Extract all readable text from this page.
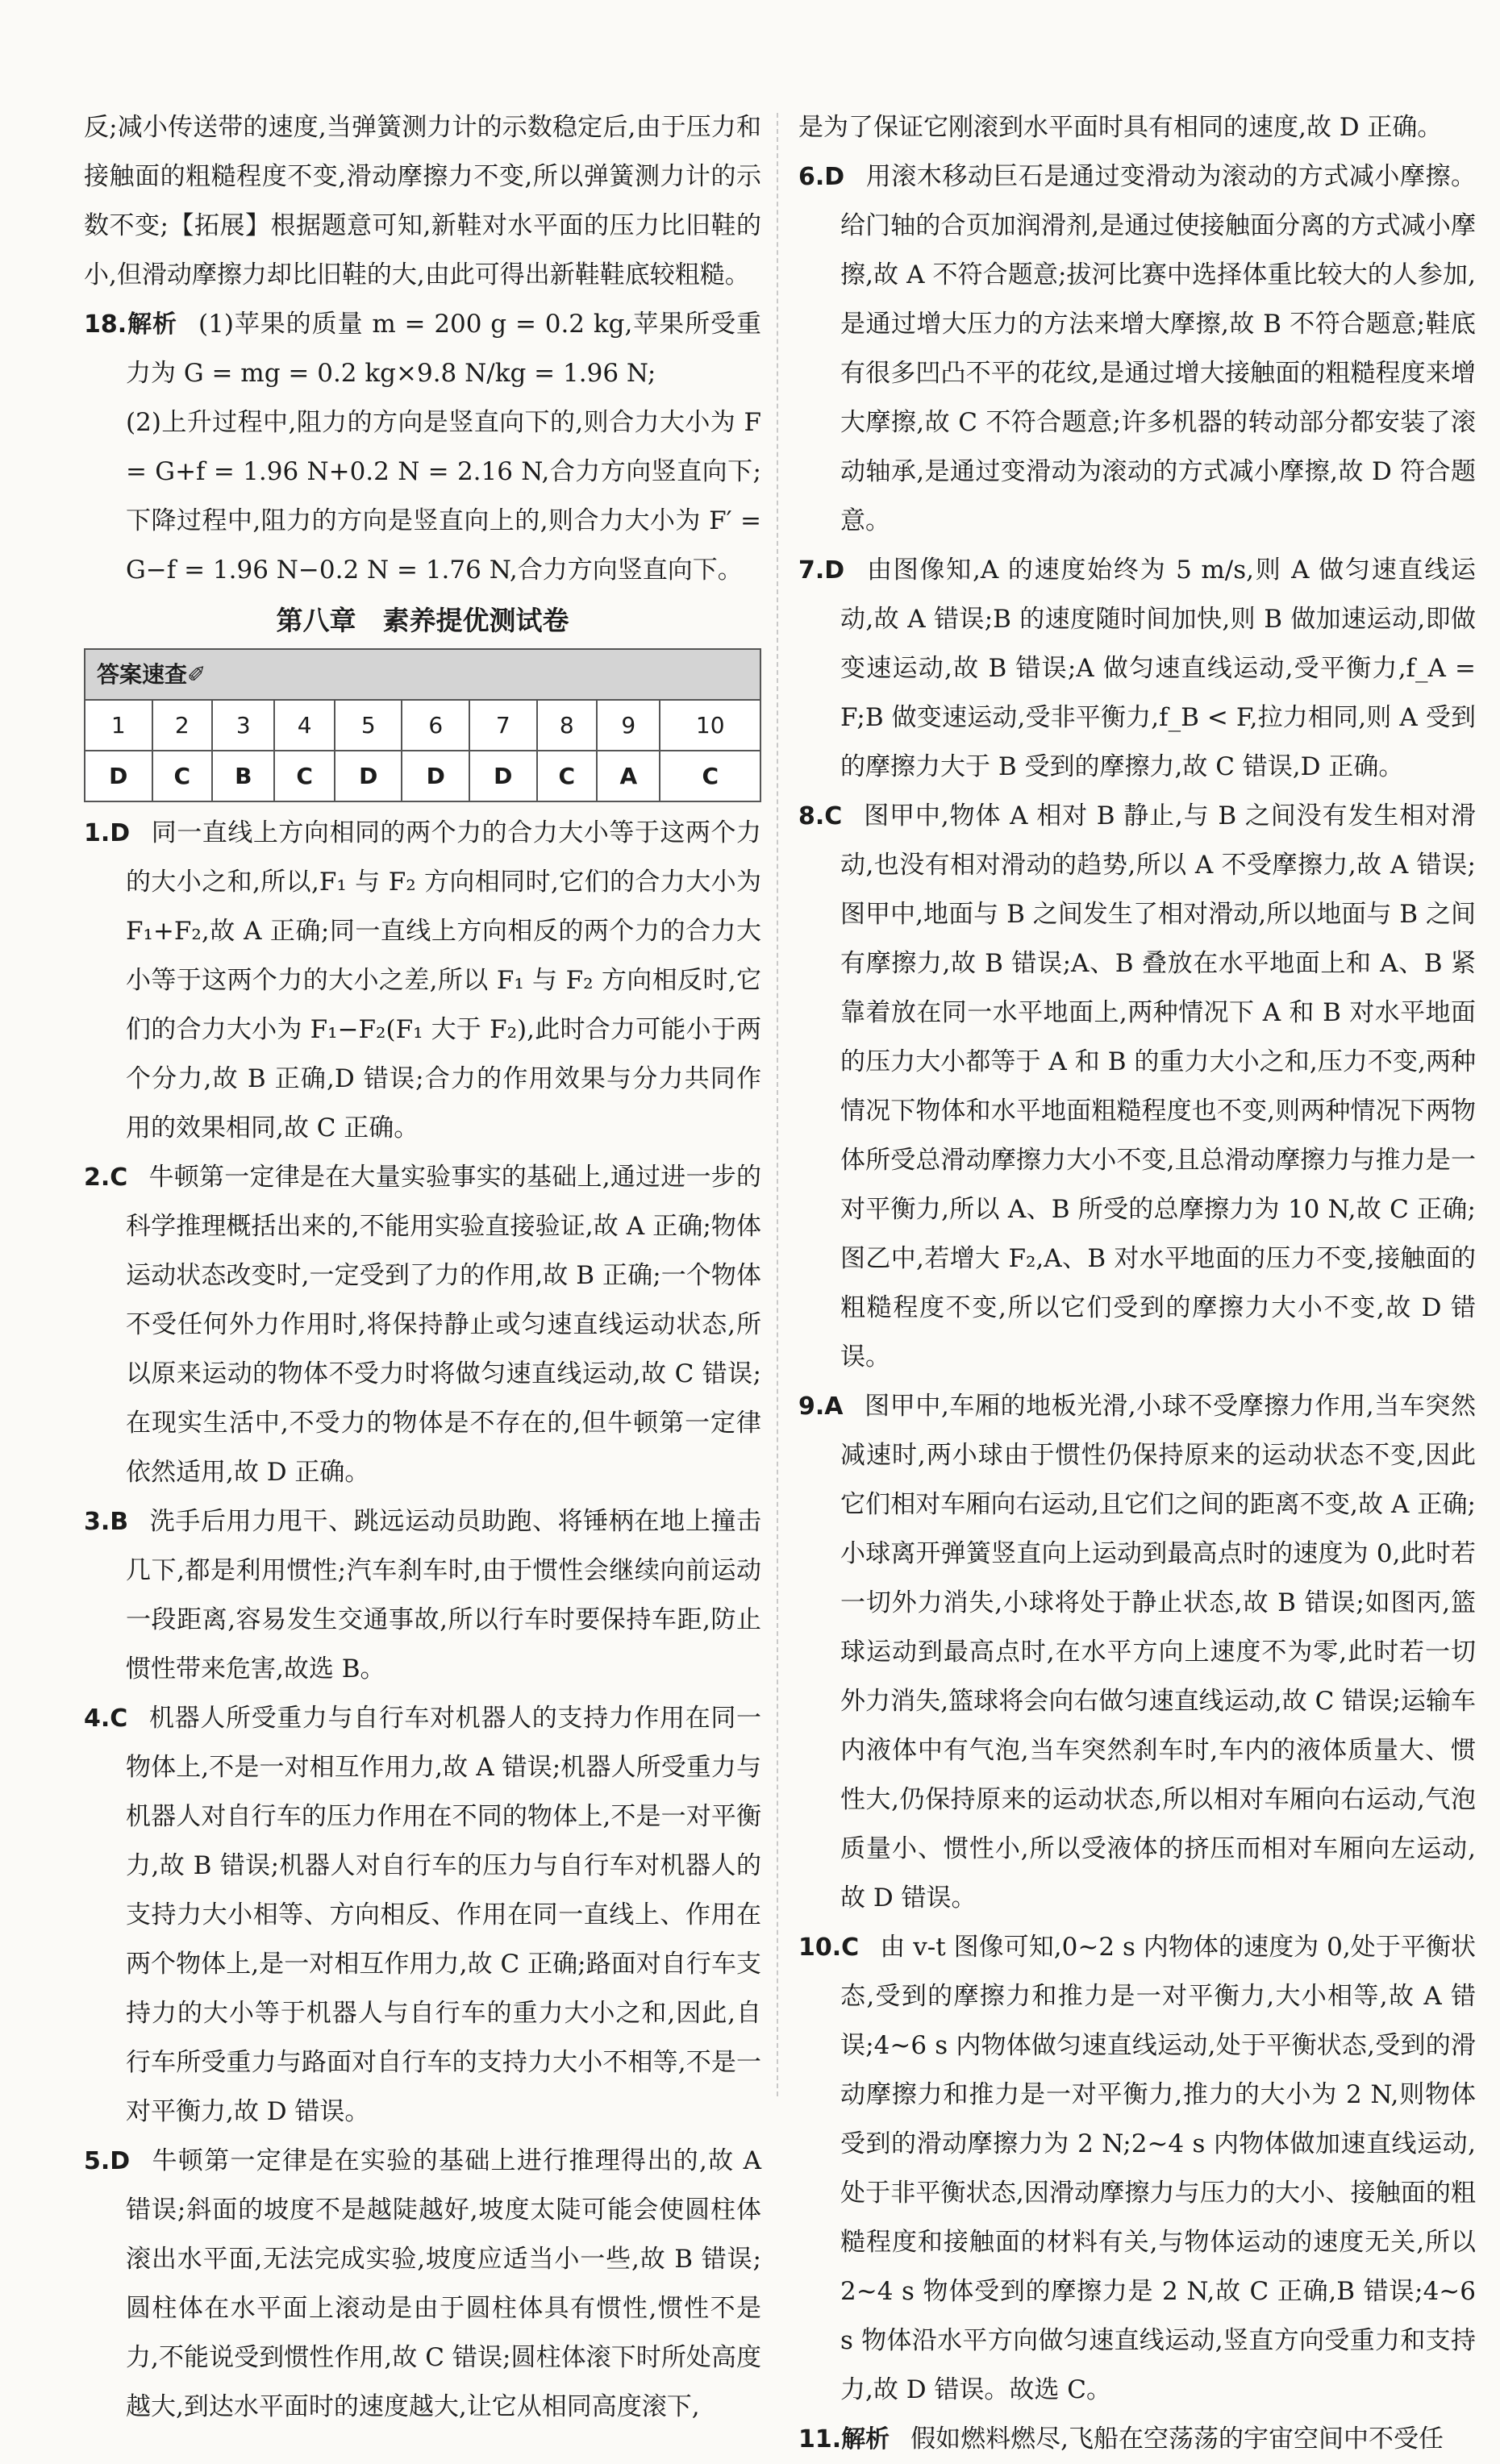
反;减小传送带的速度,当弹簧测力计的示数稳定后,由于压力和接触面的粗糙程度不变,滑动摩擦力不变,所以弹簧测力计的示数不变;【拓展】根据题意可知,新鞋对水平面的压力比旧鞋的小,但滑动摩擦力却比旧鞋的大,由此可得出新鞋鞋底较粗糙。

18.解析 (1)苹果的质量 m = 200 g = 0.2 kg,苹果所受重力为 G = mg = 0.2 kg×9.8 N/kg = 1.96 N;
(2)上升过程中,阻力的方向是竖直向下的,则合力大小为 F = G+f = 1.96 N+0.2 N = 2.16 N,合力方向竖直向下;下降过程中,阻力的方向是竖直向上的,则合力大小为 F′ = G−f = 1.96 N−0.2 N = 1.76 N,合力方向竖直向下。

第八章　素养提优测试卷
答案速查✐									
1	2	3	4	5	6	7	8	9	10
D	C	B	C	D	D	D	C	A	C

1.D 同一直线上方向相同的两个力的合力大小等于这两个力的大小之和,所以,F₁ 与 F₂ 方向相同时,它们的合力大小为 F₁+F₂,故 A 正确;同一直线上方向相反的两个力的合力大小等于这两个力的大小之差,所以 F₁ 与 F₂ 方向相反时,它们的合力大小为 F₁−F₂(F₁ 大于 F₂),此时合力可能小于两个分力,故 B 正确,D 错误;合力的作用效果与分力共同作用的效果相同,故 C 正确。

2.C 牛顿第一定律是在大量实验事实的基础上,通过进一步的科学推理概括出来的,不能用实验直接验证,故 A 正确;物体运动状态改变时,一定受到了力的作用,故 B 正确;一个物体不受任何外力作用时,将保持静止或匀速直线运动状态,所以原来运动的物体不受力时将做匀速直线运动,故 C 错误;在现实生活中,不受力的物体是不存在的,但牛顿第一定律依然适用,故 D 正确。

3.B 洗手后用力甩干、跳远运动员助跑、将锤柄在地上撞击几下,都是利用惯性;汽车刹车时,由于惯性会继续向前运动一段距离,容易发生交通事故,所以行车时要保持车距,防止惯性带来危害,故选 B。

4.C 机器人所受重力与自行车对机器人的支持力作用在同一物体上,不是一对相互作用力,故 A 错误;机器人所受重力与机器人对自行车的压力作用在不同的物体上,不是一对平衡力,故 B 错误;机器人对自行车的压力与自行车对机器人的支持力大小相等、方向相反、作用在同一直线上、作用在两个物体上,是一对相互作用力,故 C 正确;路面对自行车支持力的大小等于机器人与自行车的重力大小之和,因此,自行车所受重力与路面对自行车的支持力大小不相等,不是一对平衡力,故 D 错误。

5.D 牛顿第一定律是在实验的基础上进行推理得出的,故 A 错误;斜面的坡度不是越陡越好,坡度太陡可能会使圆柱体滚出水平面,无法完成实验,坡度应适当小一些,故 B 错误;圆柱体在水平面上滚动是由于圆柱体具有惯性,惯性不是力,不能说受到惯性作用,故 C 错误;圆柱体滚下时所处高度越大,到达水平面时的速度越大,让它从相同高度滚下,

是为了保证它刚滚到水平面时具有相同的速度,故 D 正确。

6.D 用滚木移动巨石是通过变滑动为滚动的方式减小摩擦。给门轴的合页加润滑剂,是通过使接触面分离的方式减小摩擦,故 A 不符合题意;拔河比赛中选择体重比较大的人参加,是通过增大压力的方法来增大摩擦,故 B 不符合题意;鞋底有很多凹凸不平的花纹,是通过增大接触面的粗糙程度来增大摩擦,故 C 不符合题意;许多机器的转动部分都安装了滚动轴承,是通过变滑动为滚动的方式减小摩擦,故 D 符合题意。

7.D 由图像知,A 的速度始终为 5 m/s,则 A 做匀速直线运动,故 A 错误;B 的速度随时间加快,则 B 做加速运动,即做变速运动,故 B 错误;A 做匀速直线运动,受平衡力,f_A = F;B 做变速运动,受非平衡力,f_B < F,拉力相同,则 A 受到的摩擦力大于 B 受到的摩擦力,故 C 错误,D 正确。

8.C 图甲中,物体 A 相对 B 静止,与 B 之间没有发生相对滑动,也没有相对滑动的趋势,所以 A 不受摩擦力,故 A 错误;图甲中,地面与 B 之间发生了相对滑动,所以地面与 B 之间有摩擦力,故 B 错误;A、B 叠放在水平地面上和 A、B 紧靠着放在同一水平地面上,两种情况下 A 和 B 对水平地面的压力大小都等于 A 和 B 的重力大小之和,压力不变,两种情况下物体和水平地面粗糙程度也不变,则两种情况下两物体所受总滑动摩擦力大小不变,且总滑动摩擦力与推力是一对平衡力,所以 A、B 所受的总摩擦力为 10 N,故 C 正确;图乙中,若增大 F₂,A、B 对水平地面的压力不变,接触面的粗糙程度不变,所以它们受到的摩擦力大小不变,故 D 错误。

9.A 图甲中,车厢的地板光滑,小球不受摩擦力作用,当车突然减速时,两小球由于惯性仍保持原来的运动状态不变,因此它们相对车厢向右运动,且它们之间的距离不变,故 A 正确;小球离开弹簧竖直向上运动到最高点时的速度为 0,此时若一切外力消失,小球将处于静止状态,故 B 错误;如图丙,篮球运动到最高点时,在水平方向上速度不为零,此时若一切外力消失,篮球将会向右做匀速直线运动,故 C 错误;运输车内液体中有气泡,当车突然刹车时,车内的液体质量大、惯性大,仍保持原来的运动状态,所以相对车厢向右运动,气泡质量小、惯性小,所以受液体的挤压而相对车厢向左运动,故 D 错误。

10.C 由 v-t 图像可知,0~2 s 内物体的速度为 0,处于平衡状态,受到的摩擦力和推力是一对平衡力,大小相等,故 A 错误;4~6 s 内物体做匀速直线运动,处于平衡状态,受到的滑动摩擦力和推力是一对平衡力,推力的大小为 2 N,则物体受到的滑动摩擦力为 2 N;2~4 s 内物体做加速直线运动,处于非平衡状态,因滑动摩擦力与压力的大小、接触面的粗糙程度和接触面的材料有关,与物体运动的速度无关,所以 2~4 s 物体受到的摩擦力是 2 N,故 C 正确,B 错误;4~6 s 物体沿水平方向做匀速直线运动,竖直方向受重力和支持力,故 D 错误。故选 C。

11.解析 假如燃料燃尽,飞船在空荡荡的宇宙空间中不受任
